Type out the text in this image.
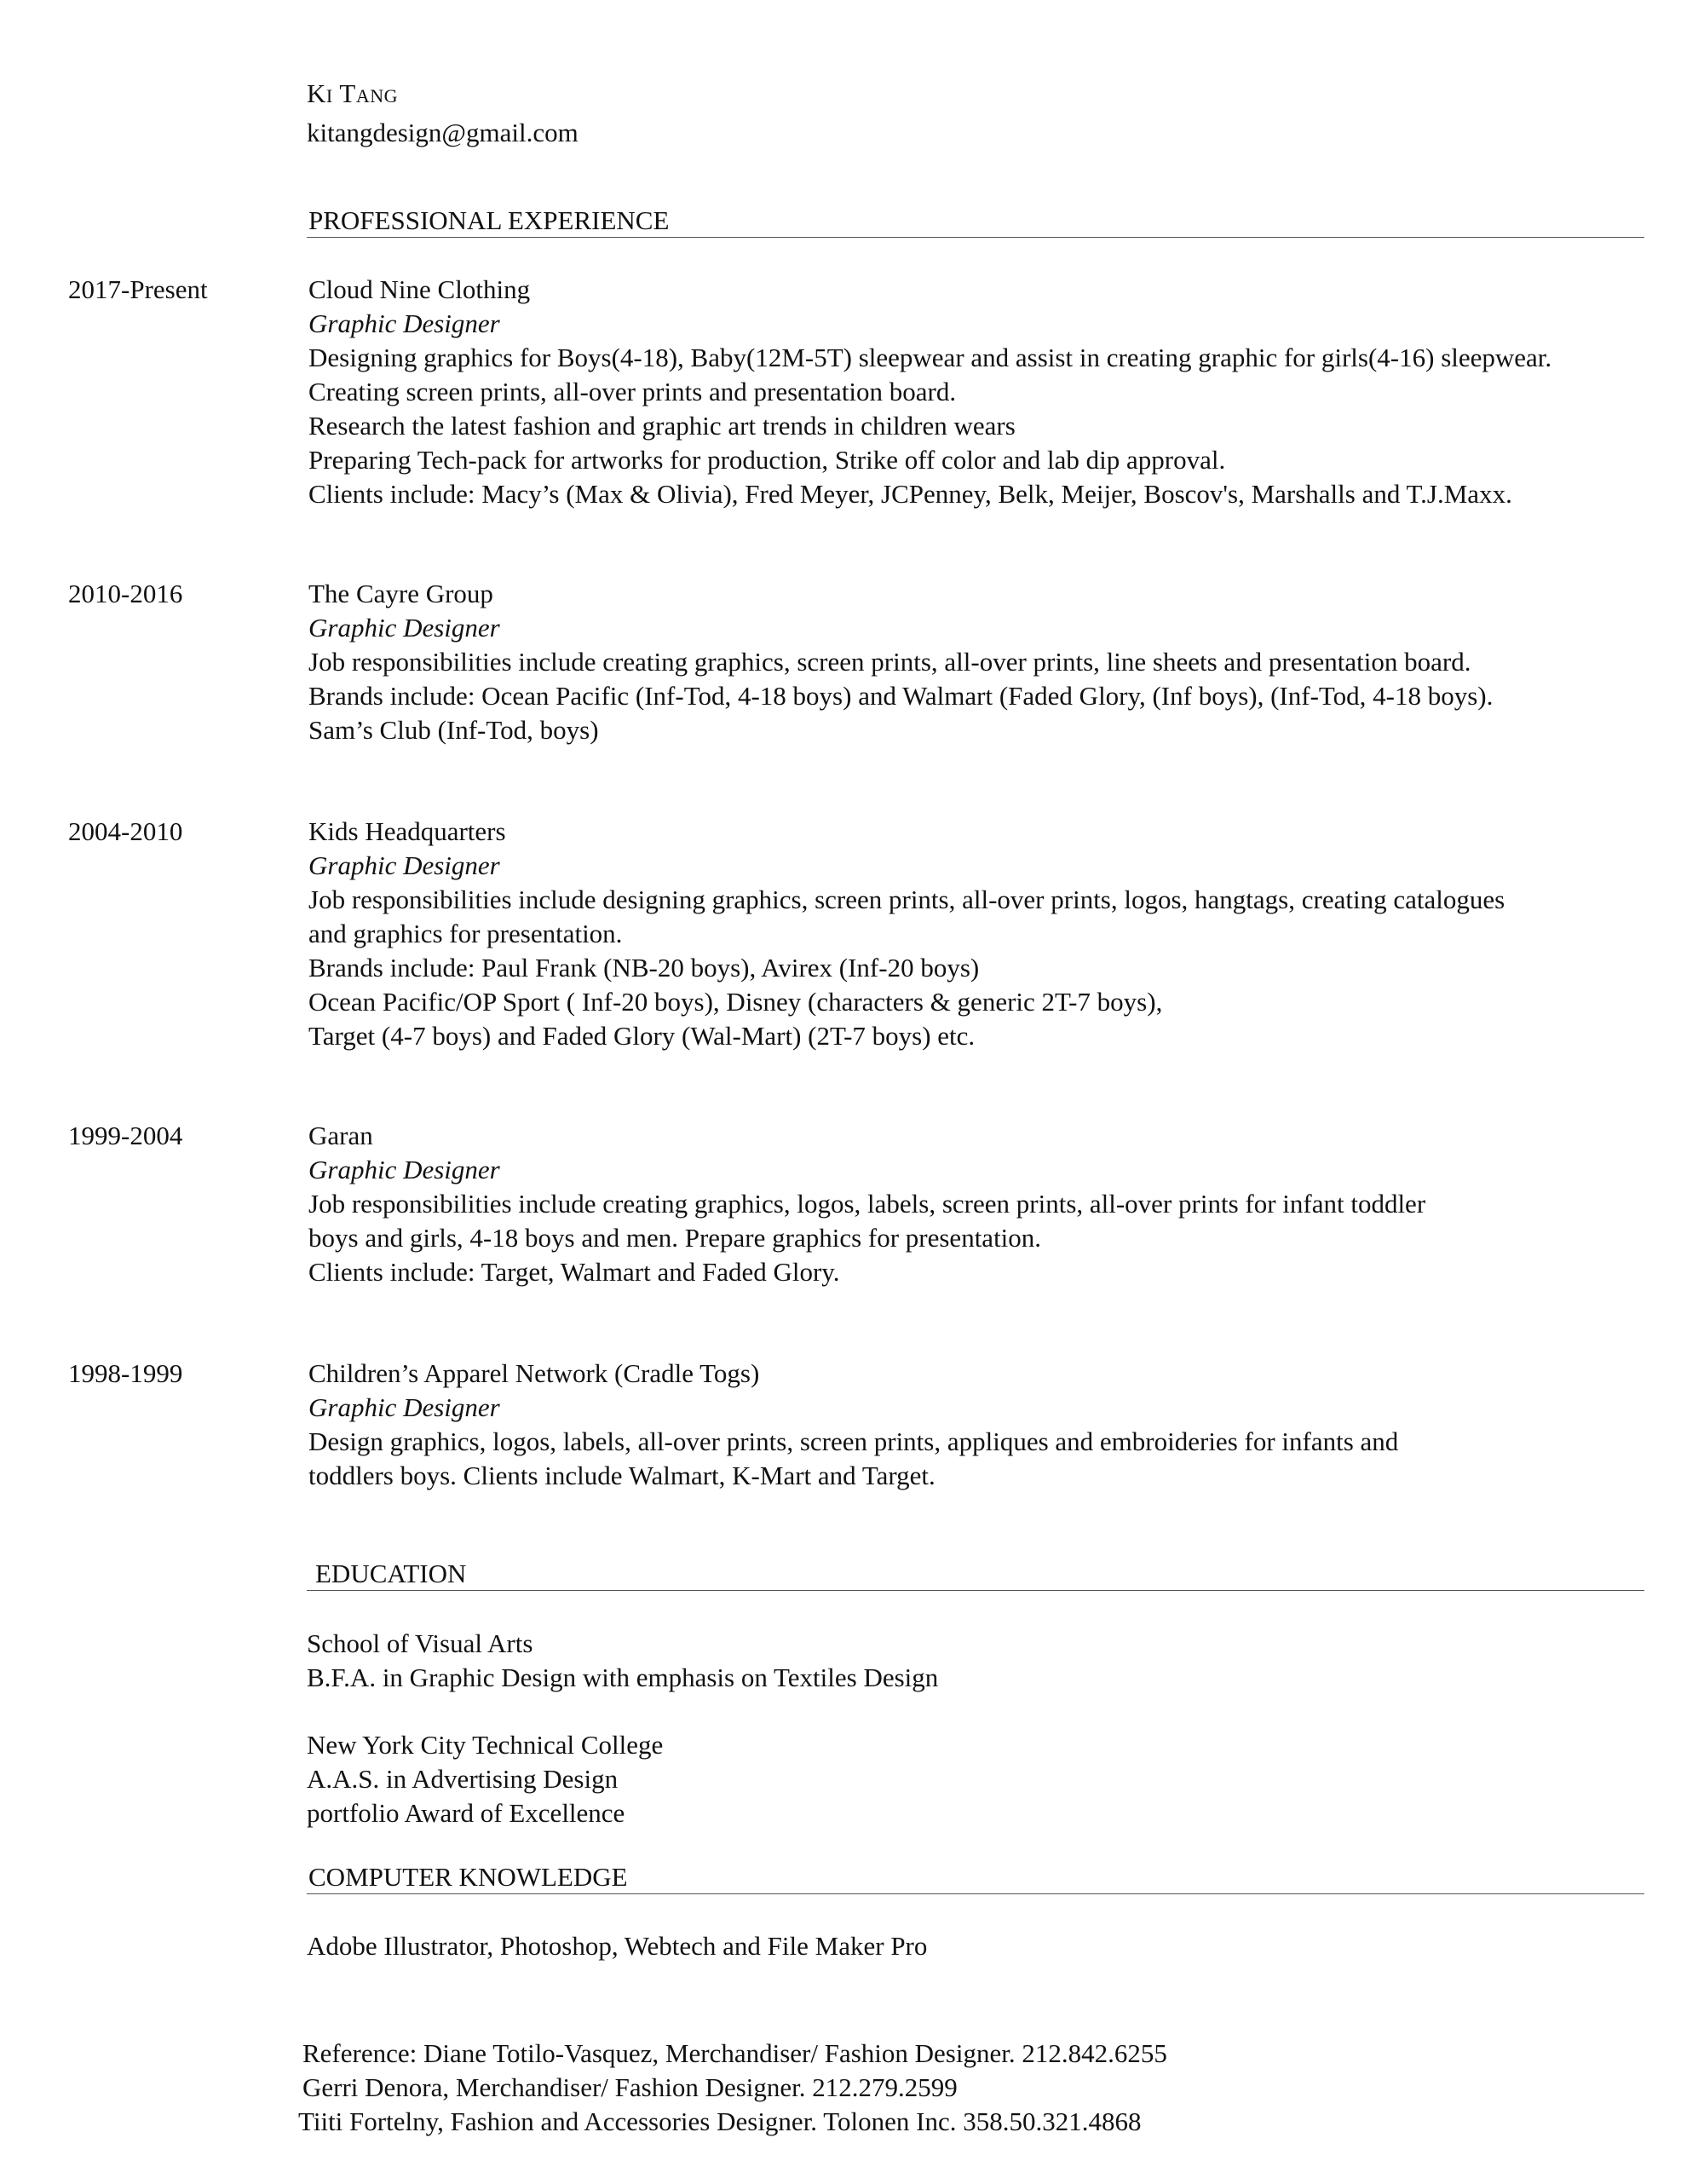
Ki Tang
kitangdesign@gmail.com
PROFESSIONAL EXPERIENCE
2017-Present	Cloud Nine Clothing
Graphic Designer
Designing graphics for Boys(4-18), Baby(12M-5T) sleepwear and assist in creating graphic for girls(4-16) sleepwear.
Creating screen prints, all-over prints and presentation board.
Research the latest fashion and graphic art trends in children wears
Preparing Tech-pack for artworks for production, Strike off color and lab dip approval.
Clients include: Macy’s (Max & Olivia), Fred Meyer, JCPenney, Belk, Meijer, Boscov's, Marshalls and T.J.Maxx.
2010-2016	The Cayre Group
Graphic Designer
Job responsibilities include creating graphics, screen prints, all-over prints, line sheets and presentation board.
Brands include: Ocean Pacific (Inf-Tod, 4-18 boys) and Walmart (Faded Glory, (Inf boys), (Inf-Tod, 4-18 boys).
Sam’s Club (Inf-Tod, boys)
2004-2010	Kids Headquarters
Graphic Designer
Job responsibilities include designing graphics, screen prints, all-over prints, logos, hangtags, creating catalogues
and graphics for presentation.
Brands include: Paul Frank (NB-20 boys), Avirex (Inf-20 boys)
Ocean Pacific/OP Sport ( Inf-20 boys), Disney (characters & generic 2T-7 boys),
Target (4-7 boys) and Faded Glory (Wal-Mart) (2T-7 boys) etc.
1999-2004	Garan
Graphic Designer
Job responsibilities include creating graphics, logos, labels, screen prints, all-over prints for infant toddler
boys and girls, 4-18 boys and men. Prepare graphics for presentation.
Clients include: Target, Walmart and Faded Glory.
1998-1999	Children’s Apparel Network (Cradle Togs)
Graphic Designer
Design graphics, logos, labels, all-over prints, screen prints, appliques and embroideries for infants and
toddlers boys. Clients include Walmart, K-Mart and Target.
EDUCATION
School of Visual Arts
B.F.A. in Graphic Design with emphasis on Textiles Design
New York City Technical College
A.A.S. in Advertising Design
portfolio Award of Excellence
COMPUTER KNOWLEDGE
Adobe Illustrator, Photoshop, Webtech and File Maker Pro
Reference: Diane Totilo-Vasquez, Merchandiser/ Fashion Designer. 212.842.6255
Gerri Denora, Merchandiser/ Fashion Designer. 212.279.2599
Tiiti Fortelny, Fashion and Accessories Designer. Tolonen Inc. 358.50.321.4868
